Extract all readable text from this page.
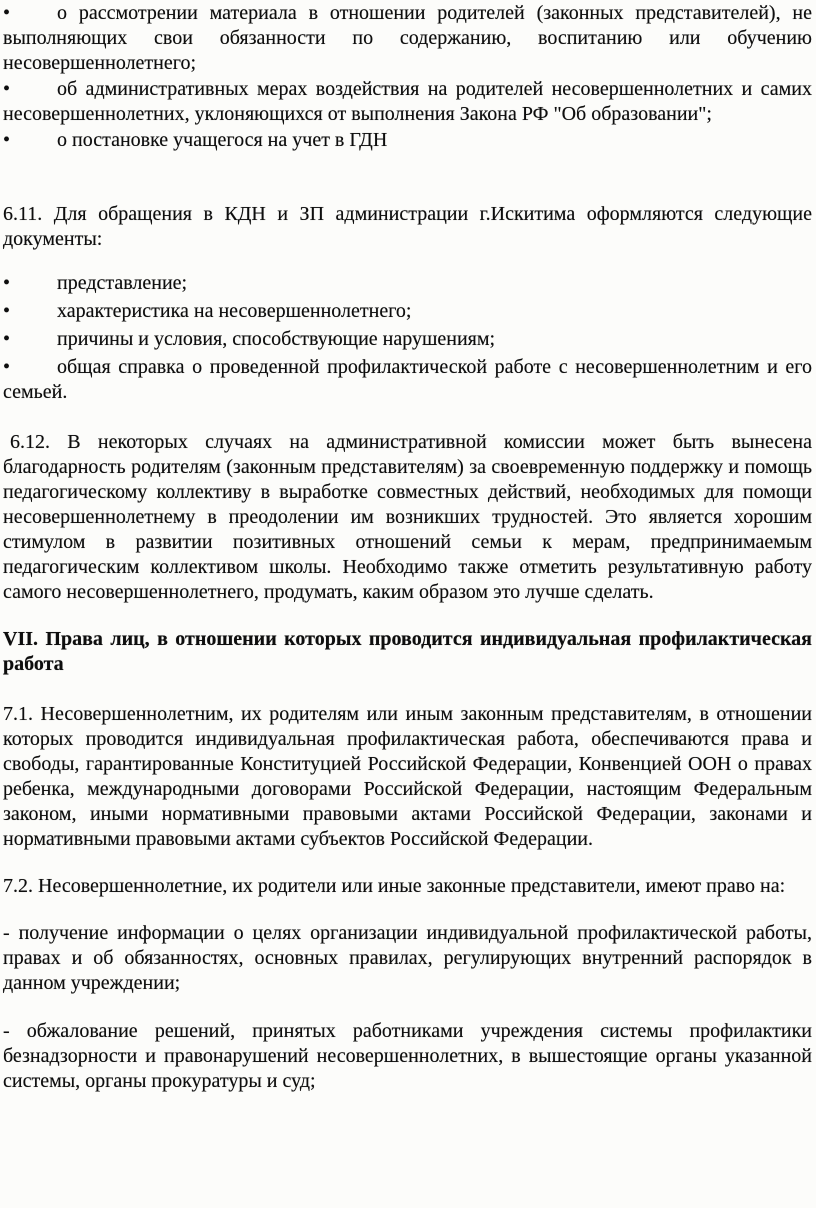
• о рассмотрении материала в отношении родителей (законных представителей), не выполняющих свои обязанности по содержанию, воспитанию или обучению несовершеннолетнего;
• об административных мерах воздействия на родителей несовершеннолетних и самих несовершеннолетних, уклоняющихся от выполнения Закона РФ "Об образовании";
• о постановке учащегося на учет в ГДН

6.11. Для обращения в КДН и ЗП администрации г.Искитима оформляются следующие документы:

• представление;
• характеристика на несовершеннолетнего;
• причины и условия, способствующие нарушениям;
• общая справка о проведенной профилактической работе с несовершеннолетним и его семьей.

6.12. В некоторых случаях на административной комиссии может быть вынесена благодарность родителям (законным представителям) за своевременную поддержку и помощь педагогическому коллективу в выработке совместных действий, необходимых для помощи несовершеннолетнему в преодолении им возникших трудностей. Это является хорошим стимулом в развитии позитивных отношений семьи к мерам, предпринимаемым педагогическим коллективом школы. Необходимо также отметить результативную работу самого несовершеннолетнего, продумать, каким образом это лучше сделать.

VII. Права лиц, в отношении которых проводится индивидуальная профилактическая работа

7.1. Несовершеннолетним, их родителям или иным законным представителям, в отношении которых проводится индивидуальная профилактическая работа, обеспечиваются права и свободы, гарантированные Конституцией Российской Федерации, Конвенцией ООН о правах ребенка, международными договорами Российской Федерации, настоящим Федеральным законом, иными нормативными правовыми актами Российской Федерации, законами и нормативными правовыми актами субъектов Российской Федерации.

7.2. Несовершеннолетние, их родители или иные законные представители, имеют право на:

- получение информации о целях организации индивидуальной профилактической работы, правах и об обязанностях, основных правилах, регулирующих внутренний распорядок в данном учреждении;

- обжалование решений, принятых работниками учреждения системы профилактики безнадзорности и правонарушений несовершеннолетних, в вышестоящие органы указанной системы, органы прокуратуры и суд;
